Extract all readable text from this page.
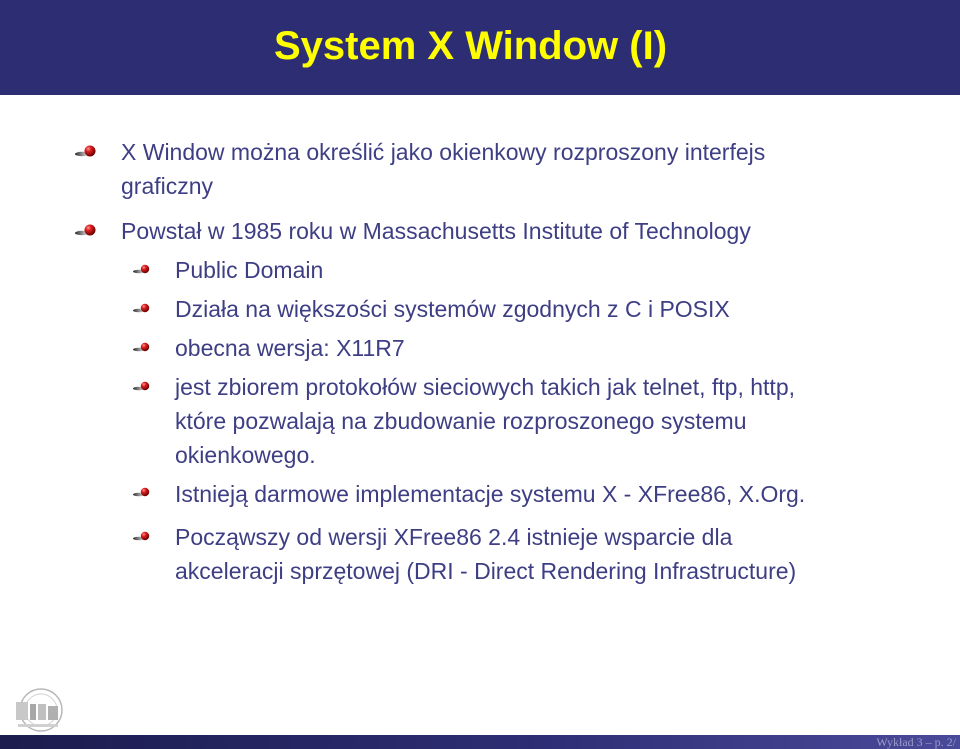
System X Window (I)
X Window można określić jako okienkowy rozproszony interfejs
graficzny
Powstał w 1985 roku w Massachusetts Institute of Technology
Public Domain
Działa na większości systemów zgodnych z C i POSIX
obecna wersja: X11R7
jest zbiorem protokołów sieciowych takich jak telnet, ftp, http,
które pozwalają na zbudowanie rozproszonego systemu
okienkowego.
Istnieją darmowe implementacje systemu X - XFree86, X.Org.
Począwszy od wersji XFree86 2.4 istnieje wsparcie dla
akceleracji sprzętowej (DRI - Direct Rendering Infrastructure)
Wykład 3 – p. 2/
